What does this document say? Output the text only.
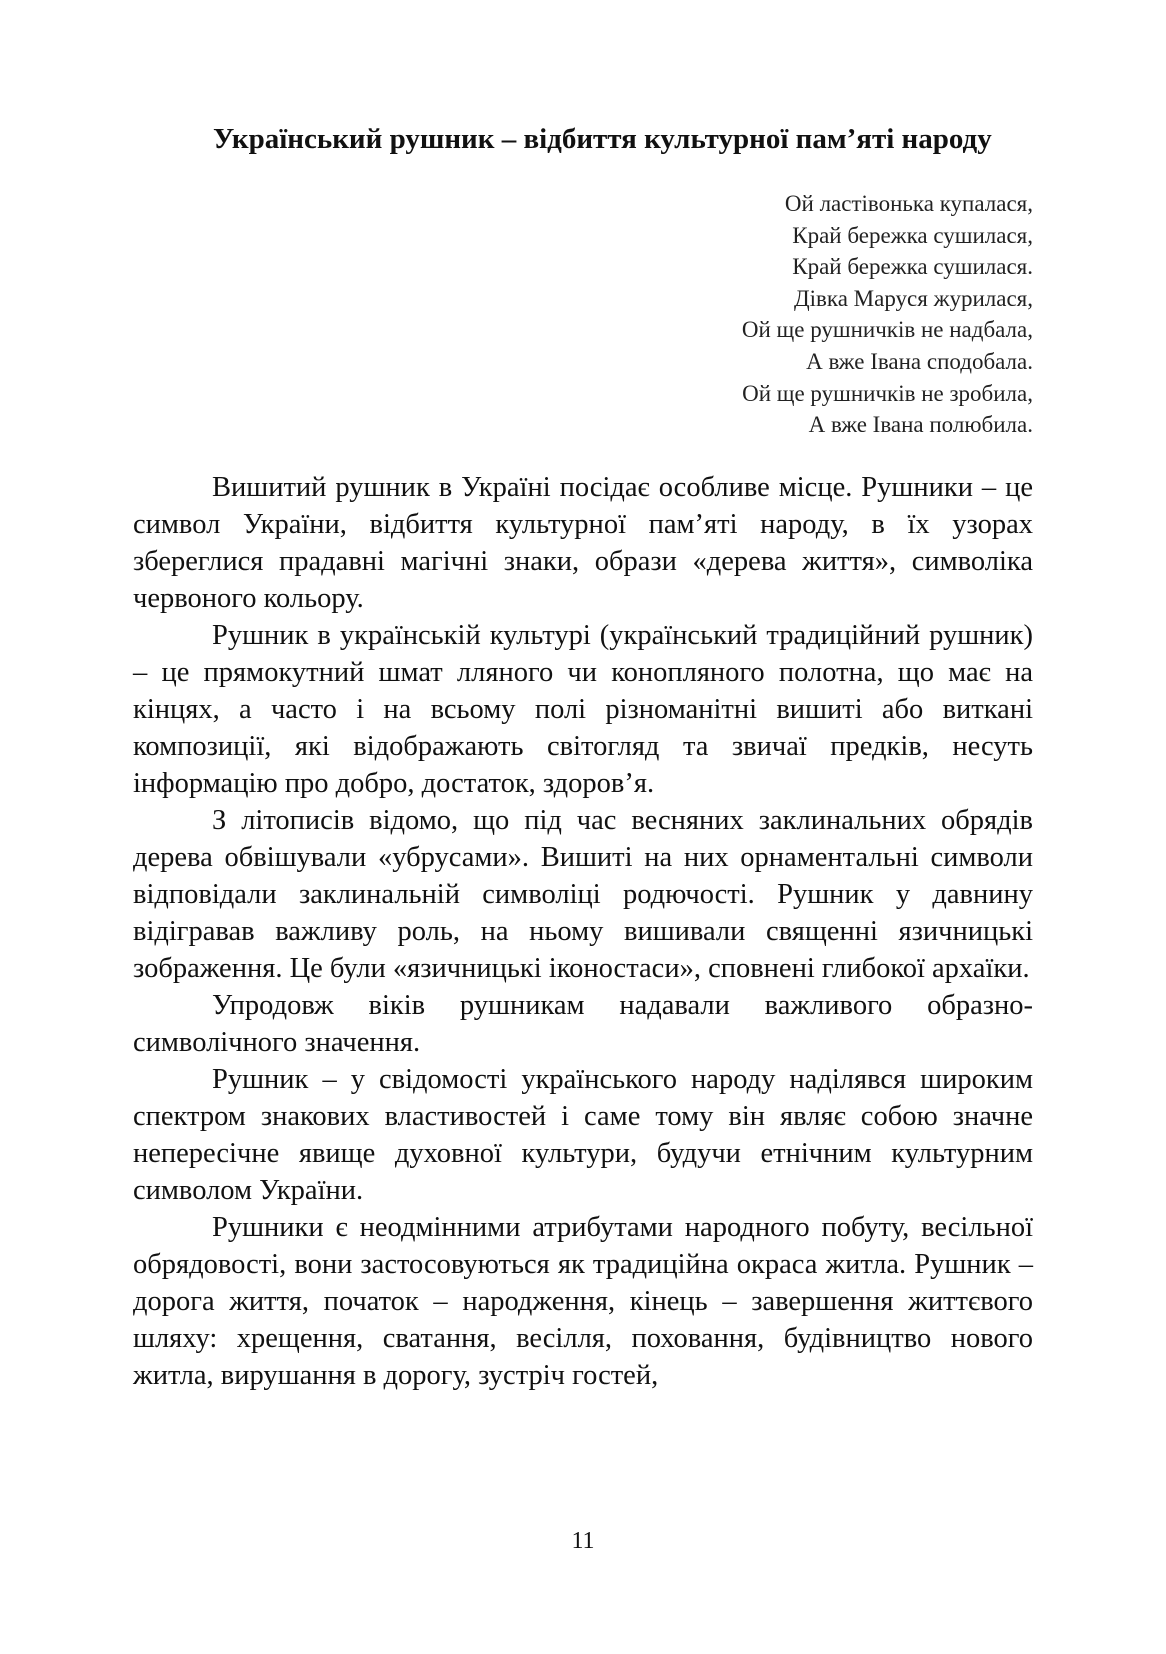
Український рушник – відбиття культурної пам’яті народу
Ой ластівонька купалася,
Край бережка сушилася,
Край бережка сушилася.
Дівка Маруся журилася,
Ой ще рушничків не надбала,
А вже Івана сподобала.
Ой ще рушничків не зробила,
А вже Івана полюбила.

Вишитий рушник в Україні посідає особливе місце. Рушники – це символ України, відбиття культурної пам’яті народу, в їх узорах збереглися прадавні магічні знаки, образи «дерева життя», символіка червоного кольору.

Рушник в українській культурі (український традиційний рушник) – це прямокутний шмат лляного чи конопляного полотна, що має на кінцях, а часто і на всьому полі різноманітні вишиті або виткані композиції, які відображають світогляд та звичаї предків, несуть інформацію про добро, достаток, здоров’я.

З літописів відомо, що під час весняних заклинальних обрядів дерева обвішували «убрусами». Вишиті на них орнаментальні символи відповідали заклинальній символіці родючості. Рушник у давнину відігравав важливу роль, на ньому вишивали священні язичницькі зображення. Це були «язичницькі іконостаси», сповнені глибокої архаїки.

Упродовж віків рушникам надавали важливого образно-символічного значення.

Рушник – у свідомості українського народу наділявся широким спектром знакових властивостей і саме тому він являє собою значне непересічне явище духовної культури, будучи етнічним культурним символом України.

Рушники є неодмінними атрибутами народного побуту, весільної обрядовості, вони застосовуються як традиційна окраса житла. Рушник – дорога життя, початок – народження, кінець – завершення життєвого шляху: хрещення, сватання, весілля, поховання, будівництво нового житла, вирушання в дорогу, зустріч гостей,

11
